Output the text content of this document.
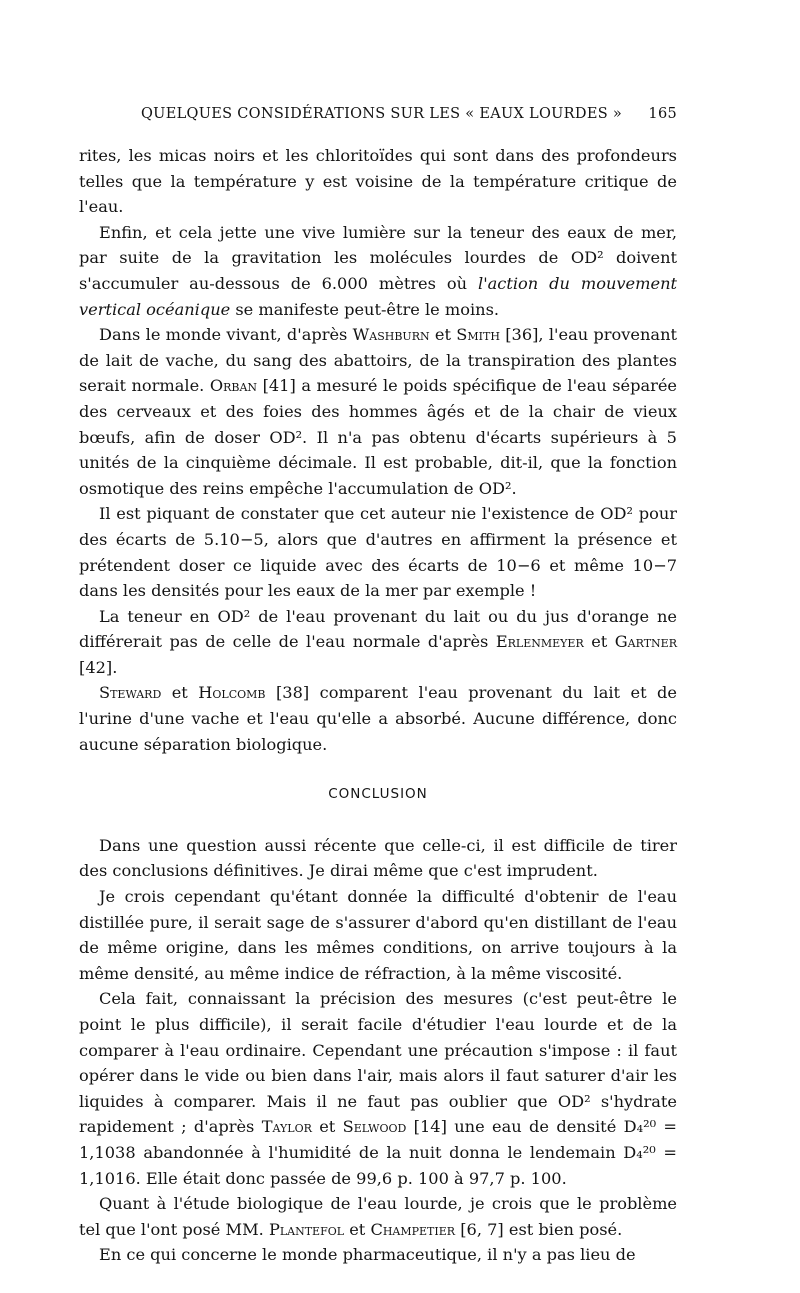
QUELQUES CONSIDÉRATIONS SUR LES « EAUX LOURDES » 165

rites, les micas noirs et les chloritoïdes qui sont dans des profondeurs telles que la température y est voisine de la température critique de l'eau.

Enfin, et cela jette une vive lumière sur la teneur des eaux de mer, par suite de la gravitation les molécules lourdes de OD² doivent s'accumuler au-dessous de 6.000 mètres où l'action du mouvement vertical océanique se manifeste peut-être le moins.

Dans le monde vivant, d'après Washburn et Smith [36], l'eau provenant de lait de vache, du sang des abattoirs, de la transpiration des plantes serait normale. Orban [41] a mesuré le poids spécifique de l'eau séparée des cerveaux et des foies des hommes âgés et de la chair de vieux bœufs, afin de doser OD². Il n'a pas obtenu d'écarts supérieurs à 5 unités de la cinquième décimale. Il est probable, dit-il, que la fonction osmotique des reins empêche l'accumulation de OD².

Il est piquant de constater que cet auteur nie l'existence de OD² pour des écarts de 5.10−5, alors que d'autres en affirment la présence et prétendent doser ce liquide avec des écarts de 10−6 et même 10−7 dans les densités pour les eaux de la mer par exemple !

La teneur en OD² de l'eau provenant du lait ou du jus d'orange ne différerait pas de celle de l'eau normale d'après Erlenmeyer et Gartner [42].

Steward et Holcomb [38] comparent l'eau provenant du lait et de l'urine d'une vache et l'eau qu'elle a absorbé. Aucune différence, donc aucune séparation biologique.

CONCLUSION

Dans une question aussi récente que celle-ci, il est difficile de tirer des conclusions définitives. Je dirai même que c'est imprudent.

Je crois cependant qu'étant donnée la difficulté d'obtenir de l'eau distillée pure, il serait sage de s'assurer d'abord qu'en distillant de l'eau de même origine, dans les mêmes conditions, on arrive toujours à la même densité, au même indice de réfraction, à la même viscosité.

Cela fait, connaissant la précision des mesures (c'est peut-être le point le plus difficile), il serait facile d'étudier l'eau lourde et de la comparer à l'eau ordinaire. Cependant une précaution s'impose : il faut opérer dans le vide ou bien dans l'air, mais alors il faut saturer d'air les liquides à comparer. Mais il ne faut pas oublier que OD² s'hydrate rapidement ; d'après Taylor et Selwood [14] une eau de densité D₄²⁰ = 1,1038 abandonnée à l'humidité de la nuit donna le lendemain D₄²⁰ = 1,1016. Elle était donc passée de 99,6 p. 100 à 97,7 p. 100.

Quant à l'étude biologique de l'eau lourde, je crois que le problème tel que l'ont posé MM. Plantefol et Champetier [6, 7] est bien posé.

En ce qui concerne le monde pharmaceutique, il n'y a pas lieu de
